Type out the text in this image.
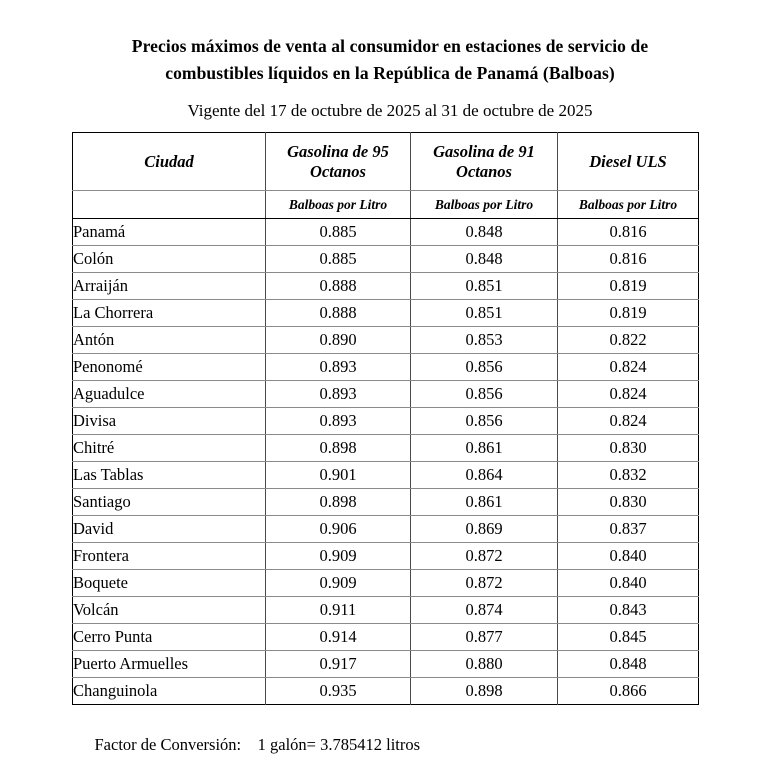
Precios máximos de venta al consumidor en estaciones de servicio de
combustibles líquidos en la República de Panamá (Balboas)
Vigente del 17 de octubre de 2025 al 31 de octubre de 2025
Ciudad	Gasolina de 95 Octanos	Gasolina de 91 Octanos	Diesel ULS
	Balboas por Litro	Balboas por Litro	Balboas por Litro
Panamá	0.885	0.848	0.816
Colón	0.885	0.848	0.816
Arraiján	0.888	0.851	0.819
La Chorrera	0.888	0.851	0.819
Antón	0.890	0.853	0.822
Penonomé	0.893	0.856	0.824
Aguadulce	0.893	0.856	0.824
Divisa	0.893	0.856	0.824
Chitré	0.898	0.861	0.830
Las Tablas	0.901	0.864	0.832
Santiago	0.898	0.861	0.830
David	0.906	0.869	0.837
Frontera	0.909	0.872	0.840
Boquete	0.909	0.872	0.840
Volcán	0.911	0.874	0.843
Cerro Punta	0.914	0.877	0.845
Puerto Armuelles	0.917	0.880	0.848
Changuinola	0.935	0.898	0.866

Factor de Conversión: 1 galón= 3.785412 litros
